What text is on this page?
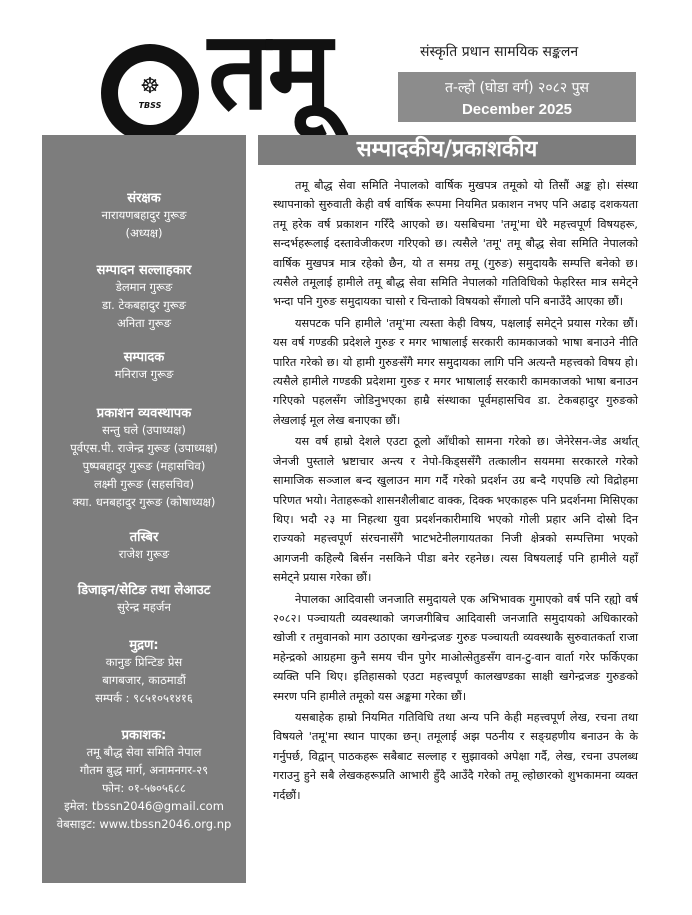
☸
TBSS तमू	संस्कृति प्रधान सामयिक सङ्कलन
त-ल्हो (घोडा वर्ग) २०८२ पुस
December 2025
संरक्षक
नारायणबहादुर गुरूङ
(अध्यक्ष)
सम्पादन सल्लाहकार
डेलमान गुरूङ
डा. टेकबहादुर गुरूङ
अनिता गुरूङ
सम्पादक
मनिराज गुरूङ
प्रकाशन व्यवस्थापक
सन्तु घले (उपाध्यक्ष)
पूर्वएस.पी. राजेन्द्र गुरूङ (उपाध्यक्ष)
पुष्पबहादुर गुरूङ (महासचिव)
लक्ष्मी गुरूङ (सहसचिव)
क्या. धनबहादुर गुरूङ (कोषाध्यक्ष)
तस्बिर
राजेश गुरूङ
डिजाइन/सेटिङ तथा लेआउट
सुरेन्द्र महर्जन
मुद्रण:
कानुङ प्रिन्टिङ प्रेस
बागबजार, काठमाडौं
सम्पर्क : ९८५१०५१४१६
प्रकाशक:
तमू बौद्ध सेवा समिति नेपाल
गौतम बुद्ध मार्ग, अनामनगर-२९
फोन: ०१-५७०५६८८
इमेल: tbssn2046@gmail.com
वेबसाइट: www.tbssn2046.org.np
सम्पादकीय/प्रकाशकीय

तमू बौद्ध सेवा समिति नेपालको वार्षिक मुखपत्र तमूको यो तिसौं अङ्क हो। संस्था स्थापनाको सुरुवाती केही वर्ष वार्षिक रूपमा नियमित प्रकाशन नभए पनि अढाइ दशकयता तमू हरेक वर्ष प्रकाशन गरिँदै आएको छ। यसबिचमा 'तमू'मा धेरै महत्त्वपूर्ण विषयहरू, सन्दर्भहरूलाई दस्तावेजीकरण गरिएको छ। त्यसैले 'तमू' तमू बौद्ध सेवा समिति नेपालको वार्षिक मुखपत्र मात्र रहेको छैन, यो त समग्र तमू (गुरुङ) समुदायकै सम्पत्ति बनेको छ। त्यसैले तमूलाई हामीले तमू बौद्ध सेवा समिति नेपालको गतिविधिको फेहरिस्त मात्र समेट्ने भन्दा पनि गुरुङ समुदायका चासो र चिन्ताको विषयको सँगालो पनि बनाउँदै आएका छौं।

यसपटक पनि हामीले 'तमू'मा त्यस्ता केही विषय, पक्षलाई समेट्ने प्रयास गरेका छौं। यस वर्ष गण्डकी प्रदेशले गुरुङ र मगर भाषालाई सरकारी कामकाजको भाषा बनाउने नीति पारित गरेको छ। यो हामी गुरुङसँगै मगर समुदायका लागि पनि अत्यन्तै महत्त्वको विषय हो। त्यसैले हामीले गण्डकी प्रदेशमा गुरुङ र मगर भाषालाई सरकारी कामकाजको भाषा बनाउन गरिएको पहलसँग जोडिनुभएका हाम्रै संस्थाका पूर्वमहासचिव डा. टेकबहादुर गुरुङको लेखलाई मूल लेख बनाएका छौं।

यस वर्ष हाम्रो देशले एउटा ठूलो आँधीको सामना गरेको छ। जेनेरेसन-जेड अर्थात् जेनजी पुस्ताले भ्रष्टाचार अन्त्य र नेपो-किड्ससँगै तत्कालीन सयममा सरकारले गरेको सामाजिक सञ्जाल बन्द खुलाउन माग गर्दै गरेको प्रदर्शन उग्र बन्दै गएपछि त्यो विद्रोहमा परिणत भयो। नेताहरूको शासनशैलीबाट वाक्क, दिक्क भएकाहरू पनि प्रदर्शनमा मिसिएका थिए। भदौ २३ मा निहत्था युवा प्रदर्शनकारीमाथि भएको गोली प्रहार अनि दोस्रो दिन राज्यको महत्त्वपूर्ण संरचनासँगै भाटभटेनीलगायतका निजी क्षेत्रको सम्पत्तिमा भएको आगजनी कहिल्यै बिर्सन नसकिने पीडा बनेर रहनेछ। त्यस विषयलाई पनि हामीले यहाँ समेट्ने प्रयास गरेका छौं।

नेपालका आदिवासी जनजाति समुदायले एक अभिभावक गुमाएको वर्ष पनि रह्यो वर्ष २०८२। पञ्चायती व्यवस्थाको जगजगीबिच आदिवासी जनजाति समुदायको अधिकारको खोजी र तमुवानको माग उठाएका खगेन्द्रजङ गुरुङ पञ्चायती व्यवस्थाकै सुरुवातकर्ता राजा महेन्द्रको आग्रहमा कुनै समय चीन पुगेर माओत्सेतुङसँग वान-टु-वान वार्ता गरेर फर्किएका व्यक्ति पनि थिए। इतिहासको एउटा महत्त्वपूर्ण कालखण्डका साक्षी खगेन्द्रजङ गुरुङको स्मरण पनि हामीले तमूको यस अङ्कमा गरेका छौं।

यसबाहेक हाम्रो नियमित गतिविधि तथा अन्य पनि केही महत्त्वपूर्ण लेख, रचना तथा विषयले 'तमू'मा स्थान पाएका छन्। तमूलाई अझ पठनीय र सङ्ग्रहणीय बनाउन के के गर्नुपर्छ, विद्वान् पाठकहरू सबैबाट सल्लाह र सुझावको अपेक्षा गर्दै, लेख, रचना उपलब्ध गराउनु हुने सबै लेखकहरूप्रति आभारी हुँदै आउँदै गरेको तमू ल्होछारको शुभकामना व्यक्त गर्दछौं।
